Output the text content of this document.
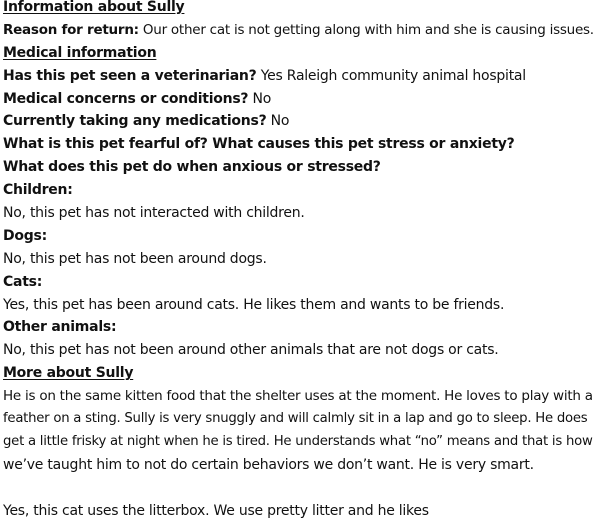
Information about Sully
Reason for return: Our other cat is not getting along with him and she is causing issues.
Medical information
Has this pet seen a veterinarian? Yes Raleigh community animal hospital
Medical concerns or conditions? No
Currently taking any medications? No
What is this pet fearful of? What causes this pet stress or anxiety?
What does this pet do when anxious or stressed?
Children:
No, this pet has not interacted with children.
Dogs:
No, this pet has not been around dogs.
Cats:
Yes, this pet has been around cats. He likes them and wants to be friends.
Other animals:
No, this pet has not been around other animals that are not dogs or cats.
More about Sully
He is on the same kitten food that the shelter uses at the moment. He loves to play with a
feather on a sting. Sully is very snuggly and will calmly sit in a lap and go to sleep. He does
get a little frisky at night when he is tired. He understands what “no” means and that is how
we’ve taught him to not do certain behaviors we don’t want. He is very smart.
Yes, this cat uses the litterbox. We use pretty litter and he likes
